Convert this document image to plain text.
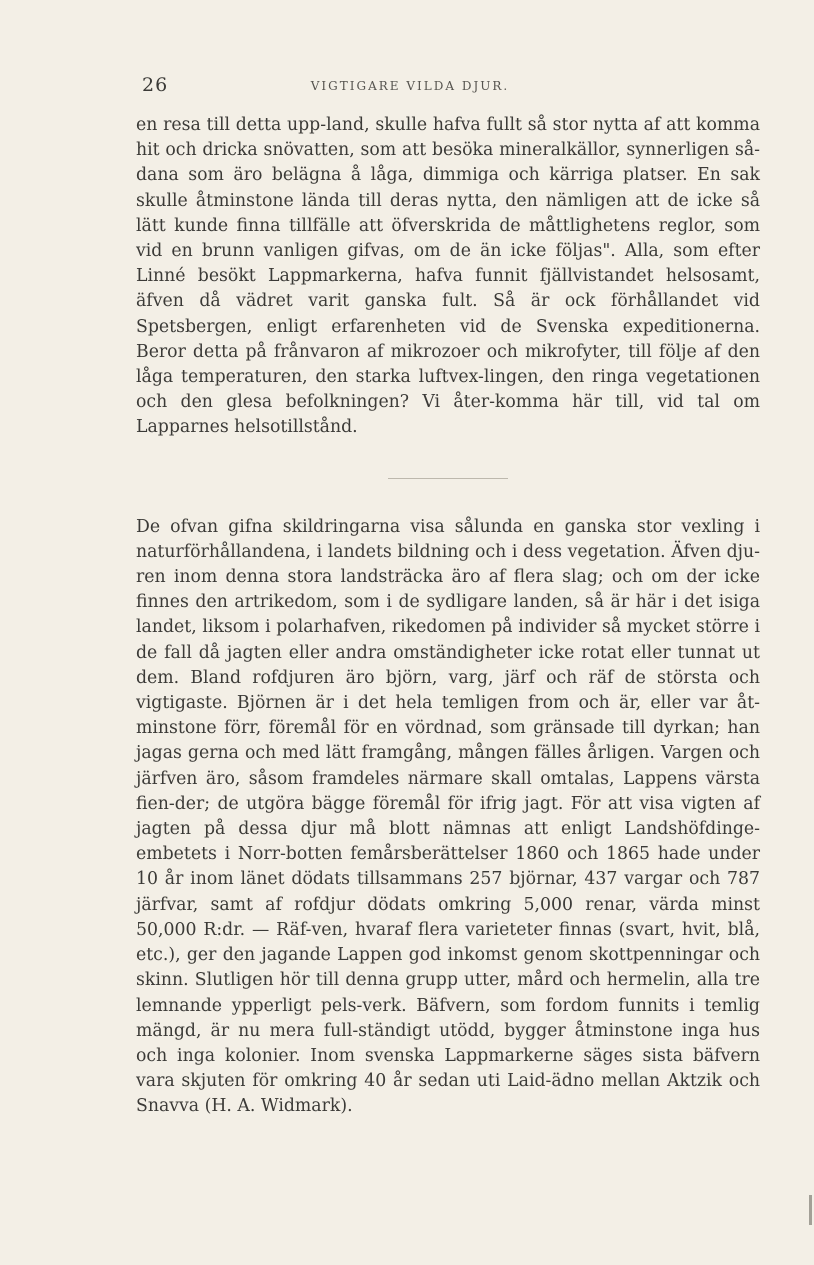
26	VIGTIGARE VILDA DJUR.

en resa till detta upp-land, skulle hafva fullt så stor nytta af att komma hit och dricka snövatten, som att besöka mineralkällor, synnerligen så-dana som äro belägna å låga, dimmiga och kärriga platser. En sak skulle åtminstone lända till deras nytta, den nämligen att de icke så lätt kunde finna tillfälle att öfverskrida de måttlighetens reglor, som vid en brunn vanligen gifvas, om de än icke följas". Alla, som efter Linné besökt Lappmarkerna, hafva funnit fjällvistandet helsosamt, äfven då vädret varit ganska fult. Så är ock förhållandet vid Spetsbergen, enligt erfarenheten vid de Svenska expeditionerna. Beror detta på frånvaron af mikrozoer och mikrofyter, till följe af den låga temperaturen, den starka luftvex-lingen, den ringa vegetationen och den glesa befolkningen? Vi åter-komma här till, vid tal om Lapparnes helsotillstånd.

De ofvan gifna skildringarna visa sålunda en ganska stor vexling i naturförhållandena, i landets bildning och i dess vegetation. Äfven dju-ren inom denna stora landsträcka äro af flera slag; och om der icke finnes den artrikedom, som i de sydligare landen, så är här i det isiga landet, liksom i polarhafven, rikedomen på individer så mycket större i de fall då jagten eller andra omständigheter icke rotat eller tunnat ut dem. Bland rofdjuren äro björn, varg, järf och räf de största och vigtigaste. Björnen är i det hela temligen from och är, eller var åt-minstone förr, föremål för en vördnad, som gränsade till dyrkan; han jagas gerna och med lätt framgång, mången fälles årligen. Vargen och järfven äro, såsom framdeles närmare skall omtalas, Lappens värsta fien-der; de utgöra bägge föremål för ifrig jagt. För att visa vigten af jagten på dessa djur må blott nämnas att enligt Landshöfdinge-embetets i Norr-botten femårsberättelser 1860 och 1865 hade under 10 år inom länet dödats tillsammans 257 björnar, 437 vargar och 787 järfvar, samt af rofdjur dödats omkring 5,000 renar, värda minst 50,000 R:dr. — Räf-ven, hvaraf flera varieteter finnas (svart, hvit, blå, etc.), ger den jagande Lappen god inkomst genom skottpenningar och skinn. Slutligen hör till denna grupp utter, mård och hermelin, alla tre lemnande ypperligt pels-verk. Bäfvern, som fordom funnits i temlig mängd, är nu mera full-ständigt utödd, bygger åtminstone inga hus och inga kolonier. Inom svenska Lappmarkerne säges sista bäfvern vara skjuten för omkring 40 år sedan uti Laid-ädno mellan Aktzik och Snavva (H. A. Widmark).
